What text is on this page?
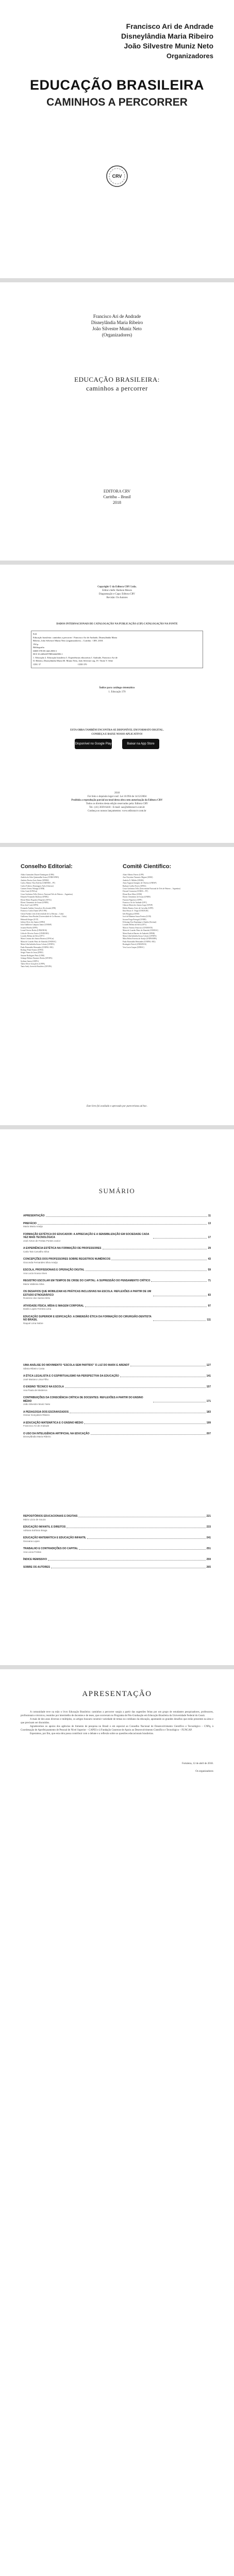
Francisco Ari de Andrade
Disneylândia Maria Ribeiro
João Silvestre Muniz Neto
Organizadores
EDUCAÇÃO BRASILEIRA
CAMINHOS A PERCORRER
CRV
Francisco Ari de Andrade
Disneylândia Maria Ribeiro
João Silvestre Muniz Neto
(Organizadores)
EDUCAÇÃO BRASILEIRA:
caminhos a percorrer
EDITORA CRV
Curitiba – Brasil
2018
Copyright © da Editora CRV Ltda.
Editor-chefe: Railson Moura
Diagramação e Capa: Editora CRV
Revisão: Os Autores
DADOS INTERNACIONAIS DE CATALOGAÇÃO NA PUBLICAÇÃO (CIP) CATALOGAÇÃO NA FONTE
E24
Educação brasileira: caminhos a percorrer / Francisco Ari de Andrade, Disneylândia Maria
Ribeiro, João Silvestre Muniz Neto (organizadores) – Curitiba : CRV, 2018.
194 p.
Bibliografia
ISBN 978-85-444-2983-1
DOI 10.24824/978854442983.1
1. Educação 2. Educação brasileira 3. Experiências educativas I. Andrade, Francisco Ari de
II. Ribeiro, Disneylândia Maria III. Muniz Neto, João Silvestre org. IV. Título V. Série
CDU 37                                                                CDD 370
Índice para catálogo sistemático
1. Educação 370
ESTA OBRA TAMBÉM ENCONTRA-SE DISPONÍVEL EM FORMATO DIGITAL.
CONHEÇA E BAIXE NOSSO APLICATIVO!
Disponível no Google Play	Baixar na App Store
2018
Foi feito o depósito legal conf. Lei 10.994 de 14/12/2004
Proibida a reprodução parcial ou total desta obra sem autorização da Editora CRV
Todos os direitos desta edição reservados pela: Editora CRV
Tel.: (41) 3039-6418 - E-mail: sac@editoracrv.com.br
Conheça os nossos lançamentos: www.editoracrv.com.br
Conselho Editorial:	Comitê Científico:
Aldira Guimarães Duarte Domínguez (UNB)
Andréia da Silva Quintanilha Sousa (UNIR/UFRN)
Antônio Pereira Gaio Júnior (UFRRJ)
Carlos Alberto Vilar Estêvão (UMINHO – PT)
Carlos Federico Dominguez Avila (Unieuro)
Carmen Tereza Velanga (UNIR)
Celso Conti (UFSCar)
Cesar Gerônimo Tello (Univer. Nacional Três de Febrero – Argentina)
Eduardo Fernandes Barbosa (UFMG)
Elione Maria Nogueira Diogenes (UFAL)
Elizeu Clementino de Souza (UNEB)
Élsio José Corá (UFFS)
Fernando Antônio Gonçalves Alcoforado (IPB)
Francisco Carlos Duarte (PUC-PR)
Gloria Fariñas León (Universidade de La Havana – Cuba)
Guillermo Arias Beatón (Universidade de La Havana – Cuba)
Helmuth Krüger (UCP)
Jailson Alves dos Santos (UFRJ)
João Adalberto Campato Junior (UNESP)
Josania Portela (UFPI)
Leonel Severo Rocha (UNISINOS)
Lídia de Oliveira Xavier (UNIEURO)
Lourdes Helena da Silva (UFV)
Maria Cristina dos Santos Bezerra (UFSCar)
Maria de Lourdes Pinto de Almeida (UNOESC)
Maria Lília Imbiriba Sousa Colares (UFOPA)
Paulo Romualdo Hernandes (UNIFAL-MG)
Rodrigo Pratte-Santos (UFES)
Sérgio Nunes de Jesus (IFRO)
Simone Rodrigues Pinto (UNB)
Solange Helena Ximenes-Rocha (UFOPA)
Sydione Santos (UEPG)
Tadeu Oliver Gonçalves (UFPA)
Tania Suely Azevedo Brasileiro (UFOPA)
Altair Alberto Fávero (UPF)
Ana Chrystina Venancio Mignot (UERJ)
Andréia N. Militão (UEMS)
Anna Augusta Sampaio de Oliveira (UNESP)
Barbara Coelho Neves (UFBA)
Cesar Gerônimo Tello (Universidad Nacional de Três de Febrero – Argentina)
Diosnel Centurion (UNIDA – PY)
Eliane Rose Maio (UEM)
Elizeu Clementino de Souza (UNEB)
Fauston Negreiros (UFPI)
Francisco Ari de Andrade (UFC)
Gláucia Maria dos Santos Jorge (UFOP)
Helder Buenos Aires de Carvalho (UFPI)
Ilma Passos A. Veiga (UNICEUB)
Inês Bragança (UERJ)
José de Ribamar Sousa Pereira (UCB)
Jussara Fraga Portugal (UNEB)
Kilwangy Kya Kapitango-a-Samba (Unemat)
Lourdes Helena da Silva (UFV)
Marcos Vinicius Francisco (UNOESTE)
Maria de Lourdes Pinto de Almeida (UNOESC)
Maria Eurácia Barreto de Andrade (UFRB)
Maria Lília Imbiriba Sousa Colares (UFOPA)
Míria Helen Ferreira de Araújo (UNIPAMPA)
Paulo Romualdo Hernandes (UNIFAL-MG)
Rosângela Fritsch (UNISINOS)
Vera Lucia Gaspar (UDESC)
Este livro foi avaliado e aprovado por pareceristas ad hoc.
SUMÁRIO
APRESENTAÇÃO	11
PREFÁCIO	13
Marta Maria Araújo
FORMAÇÃO ESTÉTICA DO EDUCADOR: A APRECIAÇÃO E A SENSIBILIZAÇÃO EM SOCIEDADE CADA VEZ MAIS TECNOLÓGICA	17
José Airton de Freitas Pontes Junior
A EXPERIÊNCIA ESTÉTICA NA FORMAÇÃO DE PROFESSORES	29
Carla Tais Carvalho Silva
CONCEPÇÕES DOS PROFESSORES SOBRE REGISTROS NUMÉRICOS	43
Gioconda Fernandes Silva Araújo
ESCOLA, PROFISSIONAIS E OPERAÇÃO DIGITAL	59
Ana Lucia Sousa Alves
REGISTRO ESCOLAR EM TEMPOS DE CRISE DO CAPITAL: A SUPRESSÃO DO PENSAMENTO CRÍTICO	71
Maria Valdenia Silva
OS DESAFIOS QUE MOBILIZAM AS PRÁTICAS INCLUSIVAS NA ESCOLA: REFLEXÕES A PARTIR DE UM ESTUDO ETNOGRÁFICO	83
Rosirene dos Santos Brito
ATIVIDADE FÍSICA, MÍDIA E IMAGEM CORPORAL	97
Danilo Lopes Ferreira Lima
EDUCAÇÃO SUPERIOR E EDIFICAÇÃO: A DIMENSÃO ÉTICA DA FORMAÇÃO DO CIRURGIÃO-DENTISTA NO BRASIL	111
Raquel Lima Nobre
UMA ANÁLISE DO MOVIMENTO “ESCOLA SEM PARTIDO” À LUZ DO MARX E ARENDT	127
Sâmia Ribeiro Costa
A ÉTICA LEGALISTA E O ESPIRITUALISMO NA PERSPECTIVA DA EDUCAÇÃO	141
José Mariano Lima Filho
O ENSINO TÉCNICO NA ESCOLA	157
Ana Paula de Medeiros
CONTRIBUIÇÕES DA CONSCIÊNCIA CRÍTICA DE DOCENTES: REFLEXÕES A PARTIR DO ENSINO MÉDIO	171
João Silvestre Muniz Neto
A PEDAGOGIA DOS ESCRAVIZADOS	183
Osmar Gonçalves Ribeiro
A EDUCAÇÃO MATEMÁTICA E O ENSINO MÉDIO	199
Francisco Ari de Andrade
O USO DA INTELIGÊNCIA ARTIFICIAL NA EDUCAÇÃO	207
Disneylândia Maria Ribeiro
REPOSITÓRIOS EDUCACIONAIS E DIGITAIS	221
Mário Lúcio de Souza
EDUCAÇÃO INFANTIL E DIREITOS	233
Adriana Eufrásio Braga
EDUCAÇÃO MATEMÁTICA E EDUCAÇÃO INFANTIL	241
Geovana Lopes
TRABALHO E CONTRADIÇÕES DO CAPITAL	251
Ana Lúcia Freitas
ÍNDICE REMISSIVO	259
SOBRE OS AUTORES	265
APRESENTAÇÃO

A comunidade teve na mão o livro Educação Brasileira: caminhos a percorrer surgiu a partir das sugestões feitas por um grupo de estudantes pesquisadores, professores, profissionais e técnicos, reunidos por intermédio de docentes e de teses, que ocorreram no Programa de Pós-Graduação em Educação Brasileira da Universidade Federal do Ceará.

A mais de dez anos diversos e múltiplos, os artigos buscam construir variedade de temas no cotidiano da educação, apontando os grandes desafios que estão presentes na área e que precisam ser discutidos.

Agradecemos os apoios dos agências de fomento de pesquisa no Brasil e em especial ao Conselho Nacional de Desenvolvimento Científico e Tecnológico – CNPq, à Coordenação de Aperfeiçoamento de Pessoal de Nível Superior – CAPES e à Fundação Cearense de Apoio ao Desenvolvimento Científico e Tecnológico – FUNCAP.

Esperamos, por fim, que esta obra possa contribuir com o debate e a reflexão sobre as questões educacionais brasileiras.

Fortaleza, 12 de abril de 2018.
Os organizadores
